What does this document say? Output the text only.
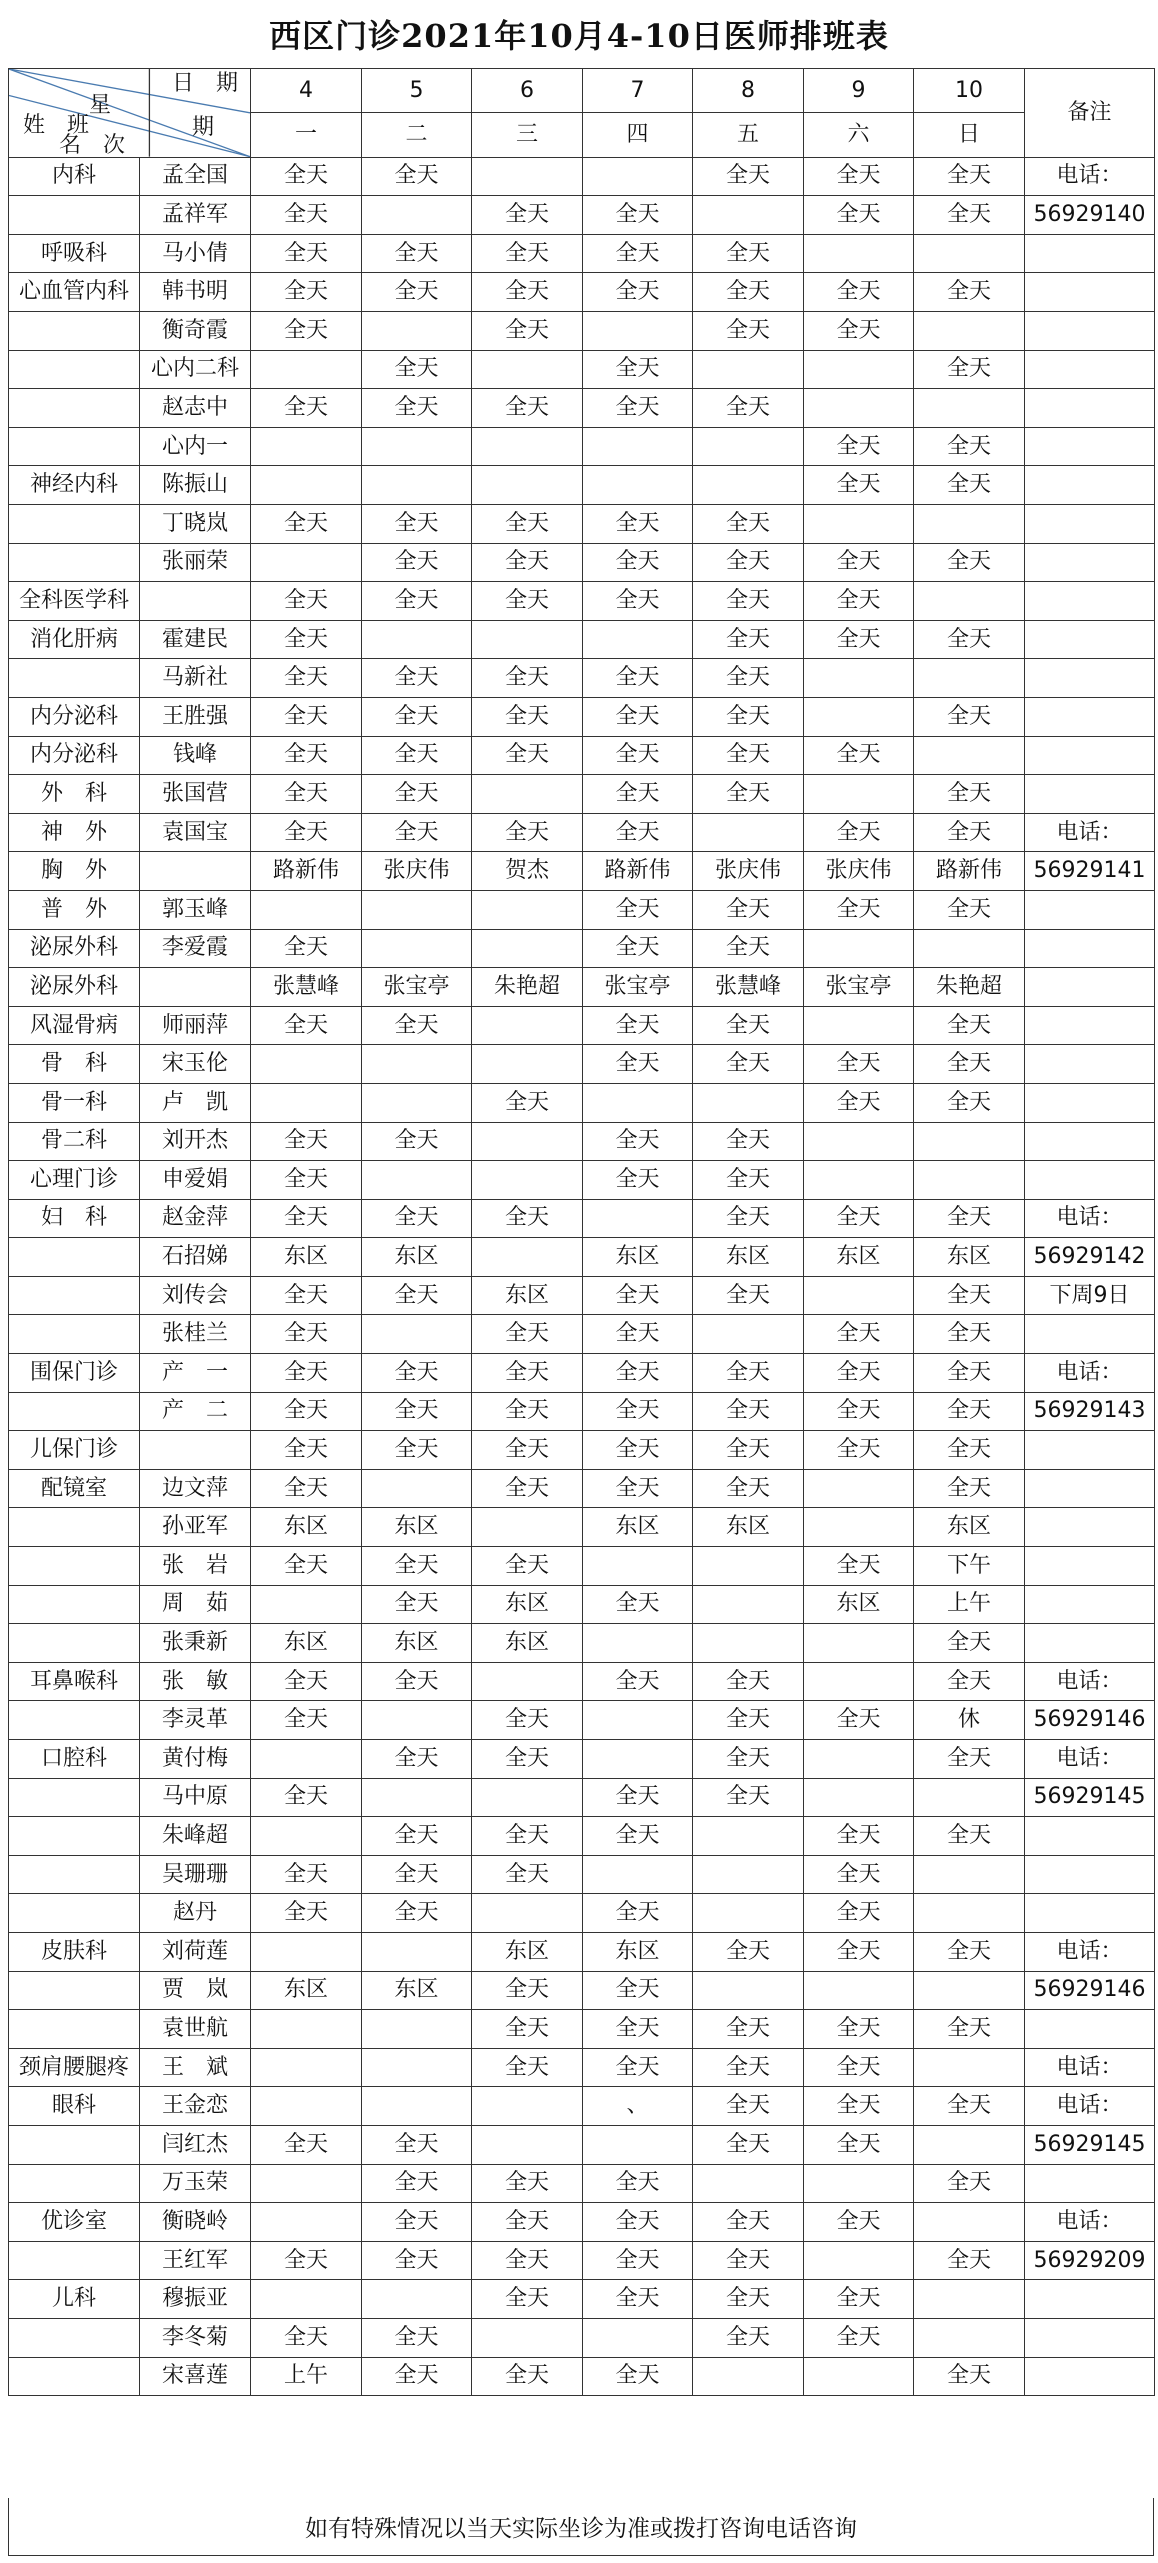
西区门诊2021年10月4-10日医师排班表
日　期
星
期
姓　班
名　次		4	5	6	7	8	9	10	备注
		一	二	三	四	五	六	日	
内科	孟全国	全天	全天			全天	全天	全天	电话：
	孟祥军	全天		全天	全天		全天	全天	56929140
呼吸科	马小倩	全天	全天	全天	全天	全天			
心血管内科	韩书明	全天	全天	全天	全天	全天	全天	全天	
	衡奇霞	全天		全天		全天	全天		
	心内二科		全天		全天			全天	
	赵志中	全天	全天	全天	全天	全天			
	心内一						全天	全天	
神经内科	陈振山						全天	全天	
	丁晓岚	全天	全天	全天	全天	全天			
	张丽荣		全天	全天	全天	全天	全天	全天	
全科医学科		全天	全天	全天	全天	全天	全天		
消化肝病	霍建民	全天				全天	全天	全天	
	马新社	全天	全天	全天	全天	全天			
内分泌科	王胜强	全天	全天	全天	全天	全天		全天	
内分泌科	钱峰	全天	全天	全天	全天	全天	全天		
外　科	张国营	全天	全天		全天	全天		全天	
神　外	袁国宝	全天	全天	全天	全天		全天	全天	电话：
胸　外		路新伟	张庆伟	贺杰	路新伟	张庆伟	张庆伟	路新伟	56929141
普　外	郭玉峰				全天	全天	全天	全天	
泌尿外科	李爱霞	全天			全天	全天			
泌尿外科		张慧峰	张宝亭	朱艳超	张宝亭	张慧峰	张宝亭	朱艳超	
风湿骨病	师丽萍	全天	全天		全天	全天		全天	
骨　科	宋玉伦				全天	全天	全天	全天	
骨一科	卢　凯			全天			全天	全天	
骨二科	刘开杰	全天	全天		全天	全天			
心理门诊	申爱娟	全天			全天	全天			
妇　科	赵金萍	全天	全天	全天		全天	全天	全天	电话：
	石招娣	东区	东区		东区	东区	东区	东区	56929142
	刘传会	全天	全天	东区	全天	全天		全天	下周9日
	张桂兰	全天		全天	全天		全天	全天	
围保门诊	产　一	全天	全天	全天	全天	全天	全天	全天	电话：
	产　二	全天	全天	全天	全天	全天	全天	全天	56929143
儿保门诊		全天	全天	全天	全天	全天	全天	全天	
配镜室	边文萍	全天		全天	全天	全天		全天	
	孙亚军	东区	东区		东区	东区		东区	
	张　岩	全天	全天	全天			全天	下午	
	周　茹		全天	东区	全天		东区	上午	
	张秉新	东区	东区	东区				全天	
耳鼻喉科	张　敏	全天	全天		全天	全天		全天	电话：
	李灵革	全天		全天		全天	全天	休	56929146
口腔科	黄付梅		全天	全天		全天		全天	电话：
	马中原	全天			全天	全天			56929145
	朱峰超		全天	全天	全天		全天	全天	
	吴珊珊	全天	全天	全天			全天		
	赵丹	全天	全天		全天		全天		
皮肤科	刘荷莲			东区	东区	全天	全天	全天	电话：
	贾　岚	东区	东区	全天	全天				56929146
	袁世航			全天	全天	全天	全天	全天	
颈肩腰腿疼	王　斌			全天	全天	全天	全天		电话：
眼科	王金恋				、	全天	全天	全天	电话：
	闫红杰	全天	全天			全天	全天		56929145
	万玉荣		全天	全天	全天			全天	
优诊室	衡晓岭		全天	全天	全天	全天	全天		电话：
	王红军	全天	全天	全天	全天	全天		全天	56929209
儿科	穆振亚			全天	全天	全天	全天		
	李冬菊	全天	全天			全天	全天		
	宋喜莲	上午	全天	全天	全天			全天	
如有特殊情况以当天实际坐诊为准或拨打咨询电话咨询
